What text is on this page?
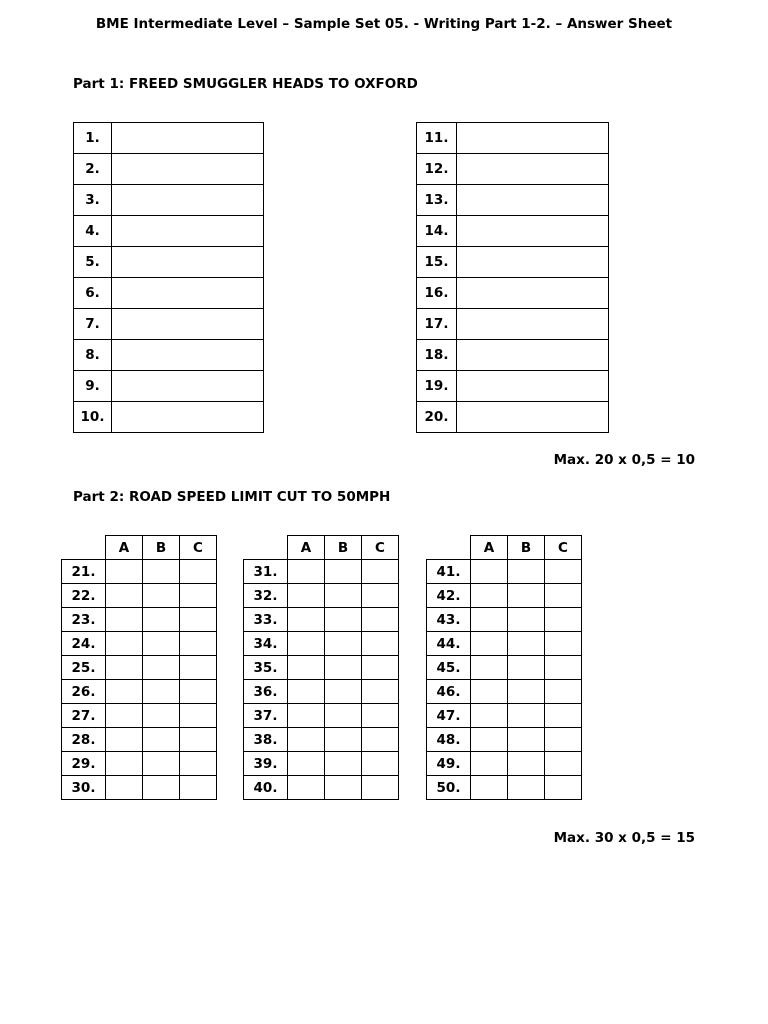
BME Intermediate Level – Sample Set 05. - Writing Part 1-2. – Answer Sheet
Part 1: FREED SMUGGLER HEADS TO OXFORD
1.	
2.	
3.	
4.	
5.	
6.	
7.	
8.	
9.	
10.	
11.	
12.	
13.	
14.	
15.	
16.	
17.	
18.	
19.	
20.	
Max. 20 x 0,5 = 10
Part 2: ROAD SPEED LIMIT CUT TO 50MPH
	A	B	C
21.			
22.			
23.			
24.			
25.			
26.			
27.			
28.			
29.			
30.			
	A	B	C
31.			
32.			
33.			
34.			
35.			
36.			
37.			
38.			
39.			
40.			
	A	B	C
41.			
42.			
43.			
44.			
45.			
46.			
47.			
48.			
49.			
50.			
Max. 30 x 0,5 = 15
